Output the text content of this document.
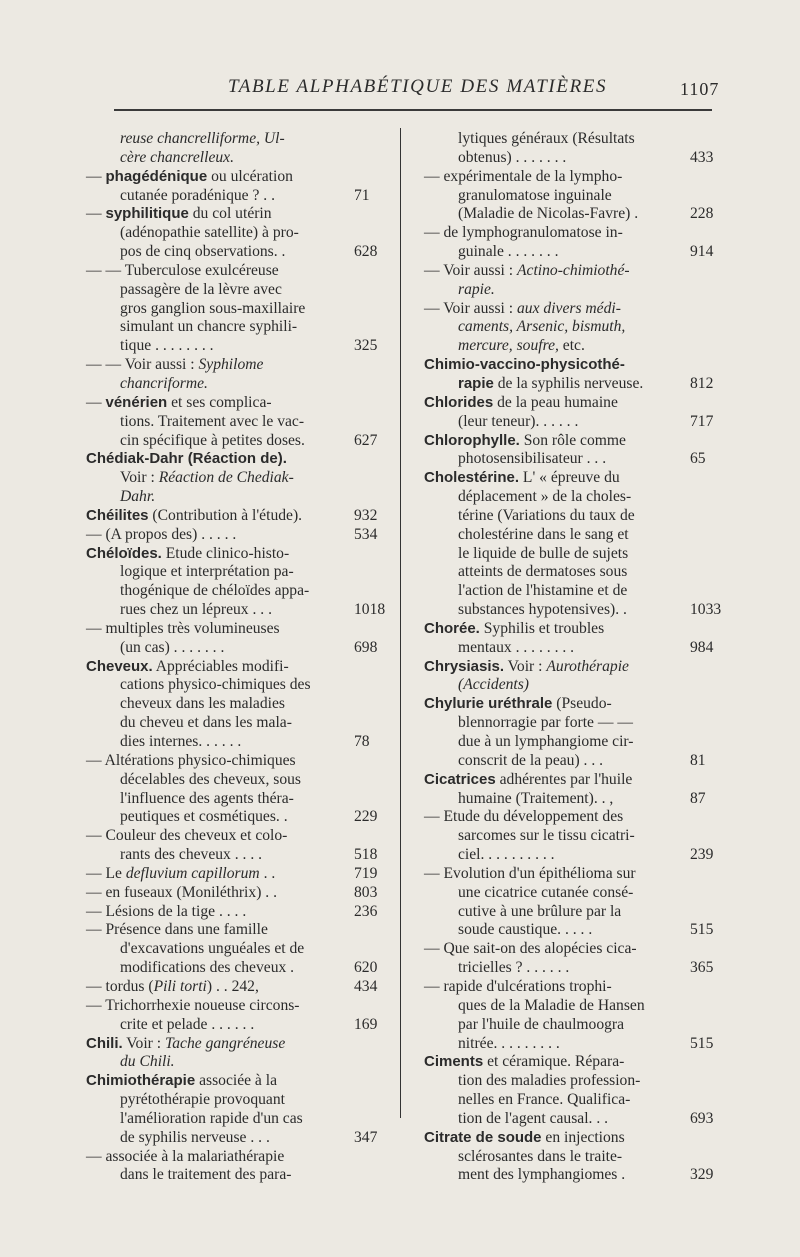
TABLE ALPHABÉTIQUE DES MATIÈRES	1107
reuse chancrelliforme, Ul-
cère chancrelleux.
— phagédénique ou ulcération
cutanée poradénique ? . .	71
— syphilitique du col utérin
(adénopathie satellite) à pro-
pos de cinq observations. .	628
— — Tuberculose exulcéreuse
passagère de la lèvre avec
gros ganglion sous-maxillaire
simulant un chancre syphili-
tique . . . . . . . .	325
— — Voir aussi : Syphilome
chancriforme.
— vénérien et ses complica-
tions. Traitement avec le vac-
cin spécifique à petites doses.	627
Chédiak-Dahr (Réaction de).
Voir : Réaction de Chediak-
Dahr.
Chéilites (Contribution à l'étude).	932
— (A propos des) . . . . .	534
Chéloïdes. Etude clinico-histo-
logique et interprétation pa-
thogénique de chéloïdes appa-
rues chez un lépreux . . .	1018
— multiples très volumineuses
(un cas) . . . . . . .	698
Cheveux. Appréciables modifi-
cations physico-chimiques des
cheveux dans les maladies
du cheveu et dans les mala-
dies internes. . . . . .	78
— Altérations physico-chimiques
décelables des cheveux, sous
l'influence des agents théra-
peutiques et cosmétiques. .	229
— Couleur des cheveux et colo-
rants des cheveux . . . .	518
— Le defluvium capillorum . .	719
— en fuseaux (Moniléthrix) . .	803
— Lésions de la tige . . . .	236
— Présence dans une famille
d'excavations unguéales et de
modifications des cheveux .	620
— tordus (Pili torti) . . 242,	434
— Trichorrhexie noueuse circons-
crite et pelade . . . . . .	169
Chili. Voir : Tache gangréneuse
du Chili.
Chimiothérapie associée à la
pyrétothérapie provoquant
l'amélioration rapide d'un cas
de syphilis nerveuse . . .	347
— associée à la malariathérapie
dans le traitement des para-
lytiques généraux (Résultats
obtenus) . . . . . . .	433
— expérimentale de la lympho-
granulomatose inguinale
(Maladie de Nicolas-Favre) .	228
— de lymphogranulomatose in-
guinale . . . . . . .	914
— Voir aussi : Actino-chimiothé-
rapie.
— Voir aussi : aux divers médi-
caments, Arsenic, bismuth,
mercure, soufre, etc.
Chimio-vaccino-physicothé-
rapie de la syphilis nerveuse.	812
Chlorides de la peau humaine
(leur teneur). . . . . .	717
Chlorophylle. Son rôle comme
photosensibilisateur . . .	65
Cholestérine. L' « épreuve du
déplacement » de la choles-
térine (Variations du taux de
cholestérine dans le sang et
le liquide de bulle de sujets
atteints de dermatoses sous
l'action de l'histamine et de
substances hypotensives). .	1033
Chorée. Syphilis et troubles
mentaux . . . . . . . .	984
Chrysiasis. Voir : Aurothérapie
(Accidents)
Chylurie uréthrale (Pseudo-
blennorragie par forte — —
due à un lymphangiome cir-
conscrit de la peau) . . .	81
Cicatrices adhérentes par l'huile
humaine (Traitement). . ,	87
— Etude du développement des
sarcomes sur le tissu cicatri-
ciel. . . . . . . . . .	239
— Evolution d'un épithélioma sur
une cicatrice cutanée consé-
cutive à une brûlure par la
soude caustique. . . . .	515
— Que sait-on des alopécies cica-
tricielles ? . . . . . .	365
— rapide d'ulcérations trophi-
ques de la Maladie de Hansen
par l'huile de chaulmoogra
nitrée. . . . . . . . .	515
Ciments et céramique. Répara-
tion des maladies profession-
nelles en France. Qualifica-
tion de l'agent causal. . .	693
Citrate de soude en injections
sclérosantes dans le traite-
ment des lymphangiomes .	329
